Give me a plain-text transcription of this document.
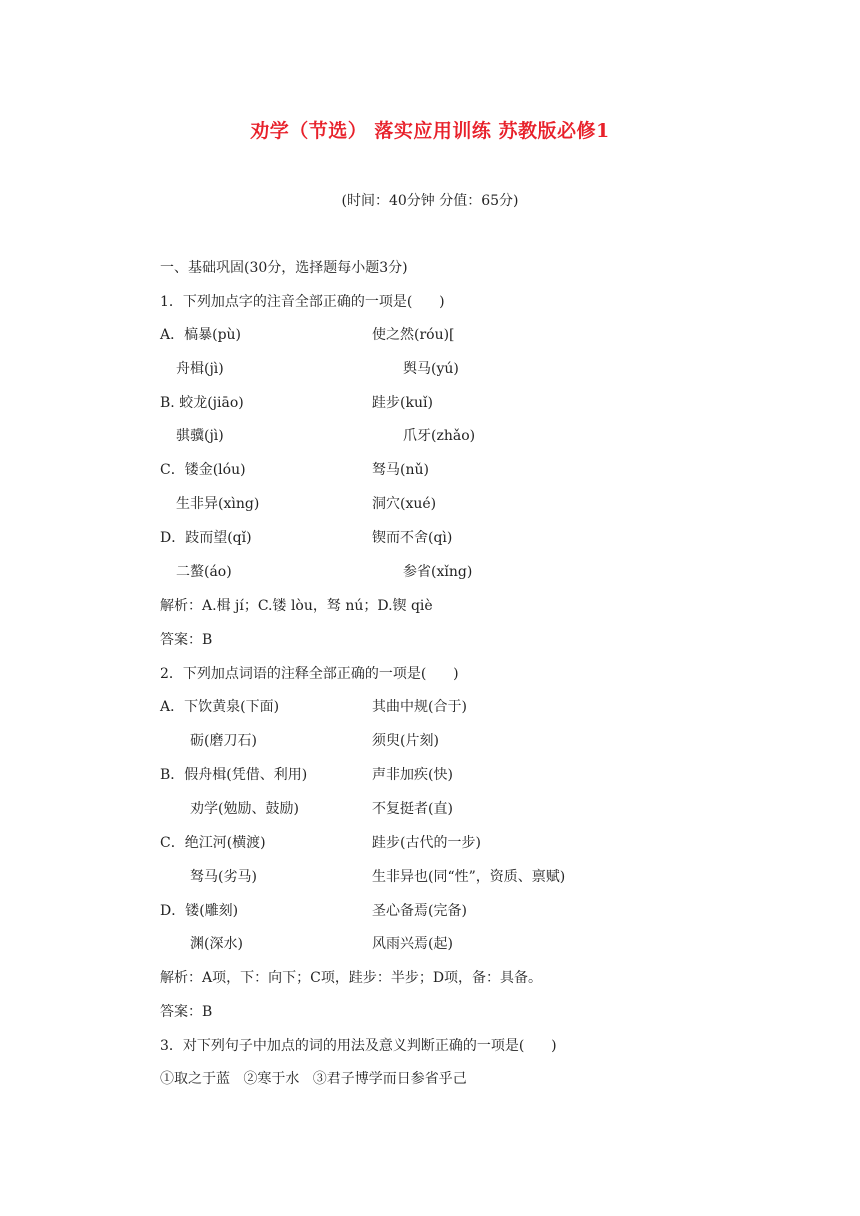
劝学（节选） 落实应用训练 苏教版必修1
(时间：40分钟 分值：65分)
一、基础巩固(30分，选择题每小题3分)
1．下列加点字的注音全部正确的一项是(      )
A．槁暴(pù)	使之然(róu)[
舟楫(jì)	舆马(yú)
B. 蛟龙(jiāo)	跬步(kuǐ)
骐骥(jì)	爪牙(zhǎo)
C．镂金(lóu)	驽马(nǔ)
生非异(xìng)	洞穴(xué)
D．跂而望(qǐ)	锲而不舍(qì)
二螯(áo)	参省(xǐng)
解析：A.楫 jí；C.镂 lòu，驽 nú；D.锲 qiè
答案：B
2．下列加点词语的注释全部正确的一项是(      )
A．下饮黄泉(下面)	其曲中规(合于)
砺(磨刀石)	须臾(片刻)
B．假舟楫(凭借、利用)	声非加疾(快)
劝学(勉励、鼓励)	不复挺者(直)
C．绝江河(横渡)	跬步(古代的一步)
驽马(劣马)	生非异也(同“性”，资质、禀赋)
D．镂(雕刻)	圣心备焉(完备)
渊(深水)	风雨兴焉(起)
解析：A项，下：向下；C项，跬步：半步；D项，备：具备。
答案：B
3．对下列句子中加点的词的用法及意义判断正确的一项是(      )
①取之于蓝   ②寒于水   ③君子博学而日参省乎己
